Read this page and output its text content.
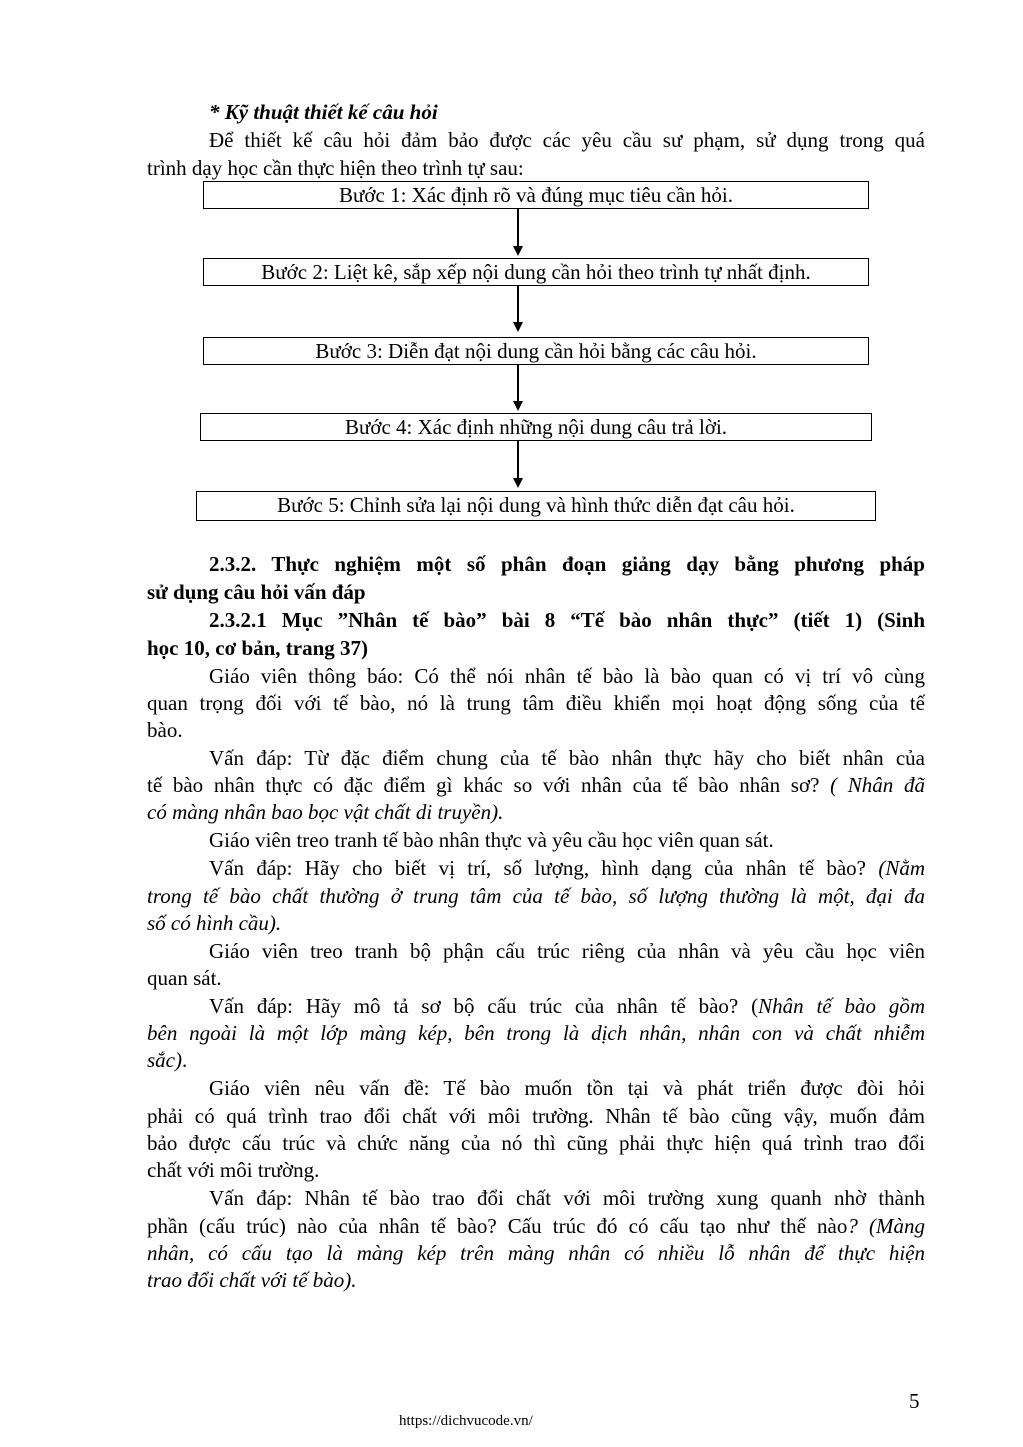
* Kỹ thuật thiết kế câu hỏi
Để thiết kế câu hỏi đảm bảo được các yêu cầu sư phạm, sử dụng trong quá
trình dạy học cần thực hiện theo trình tự sau:
Bước 1: Xác định rõ và đúng mục tiêu cần hỏi.
Bước 2: Liệt kê, sắp xếp nội dung cần hỏi theo trình tự nhất định.
Bước 3: Diễn đạt nội dung cần hỏi bằng các câu hỏi.
Bước 4: Xác định những nội dung câu trả lời.
Bước 5: Chỉnh sửa lại nội dung và hình thức diễn đạt câu hỏi.
2.3.2. Thực nghiệm một số phân đoạn giảng dạy bằng phương pháp
sử dụng câu hỏi vấn đáp
2.3.2.1 Mục ”Nhân tế bào” bài 8 “Tế bào nhân thực” (tiết 1) (Sinh
học 10, cơ bản, trang 37)
Giáo viên thông báo: Có thể nói nhân tế bào là bào quan có vị trí vô cùng
quan trọng đối với tế bào, nó là trung tâm điều khiển mọi hoạt động sống của tế
bào.
Vấn đáp: Từ đặc điểm chung của tế bào nhân thực hãy cho biết nhân của
tế bào nhân thực có đặc điểm gì khác so với nhân của tế bào nhân sơ? ( Nhân đã
có màng nhân bao bọc vật chất di truyền).
Giáo viên treo tranh tế bào nhân thực và yêu cầu học viên quan sát.
Vấn đáp: Hãy cho biết vị trí, số lượng, hình dạng của nhân tế bào? (Nằm
trong tế bào chất thường ở trung tâm của tế bào, số lượng thường là một, đại đa
số có hình cầu).
Giáo viên treo tranh bộ phận cấu trúc riêng của nhân và yêu cầu học viên
quan sát.
Vấn đáp: Hãy mô tả sơ bộ cấu trúc của nhân tế bào? (Nhân tế bào gồm
bên ngoài là một lớp màng kép, bên trong là dịch nhân, nhân con và chất nhiễm
sắc).
Giáo viên nêu vấn đề: Tế bào muốn tồn tại và phát triển được đòi hỏi
phải có quá trình trao đổi chất với môi trường. Nhân tế bào cũng vậy, muốn đảm
bảo được cấu trúc và chức năng của nó thì cũng phải thực hiện quá trình trao đổi
chất với môi trường.
Vấn đáp: Nhân tế bào trao đổi chất với môi trường xung quanh nhờ thành
phần (cấu trúc) nào của nhân tế bào? Cấu trúc đó có cấu tạo như thế nào? (Màng
nhân, có cấu tạo là màng kép trên màng nhân có nhiều lỗ nhân để thực hiện
trao đổi chất với tế bào).
5
https://dichvucode.vn/
